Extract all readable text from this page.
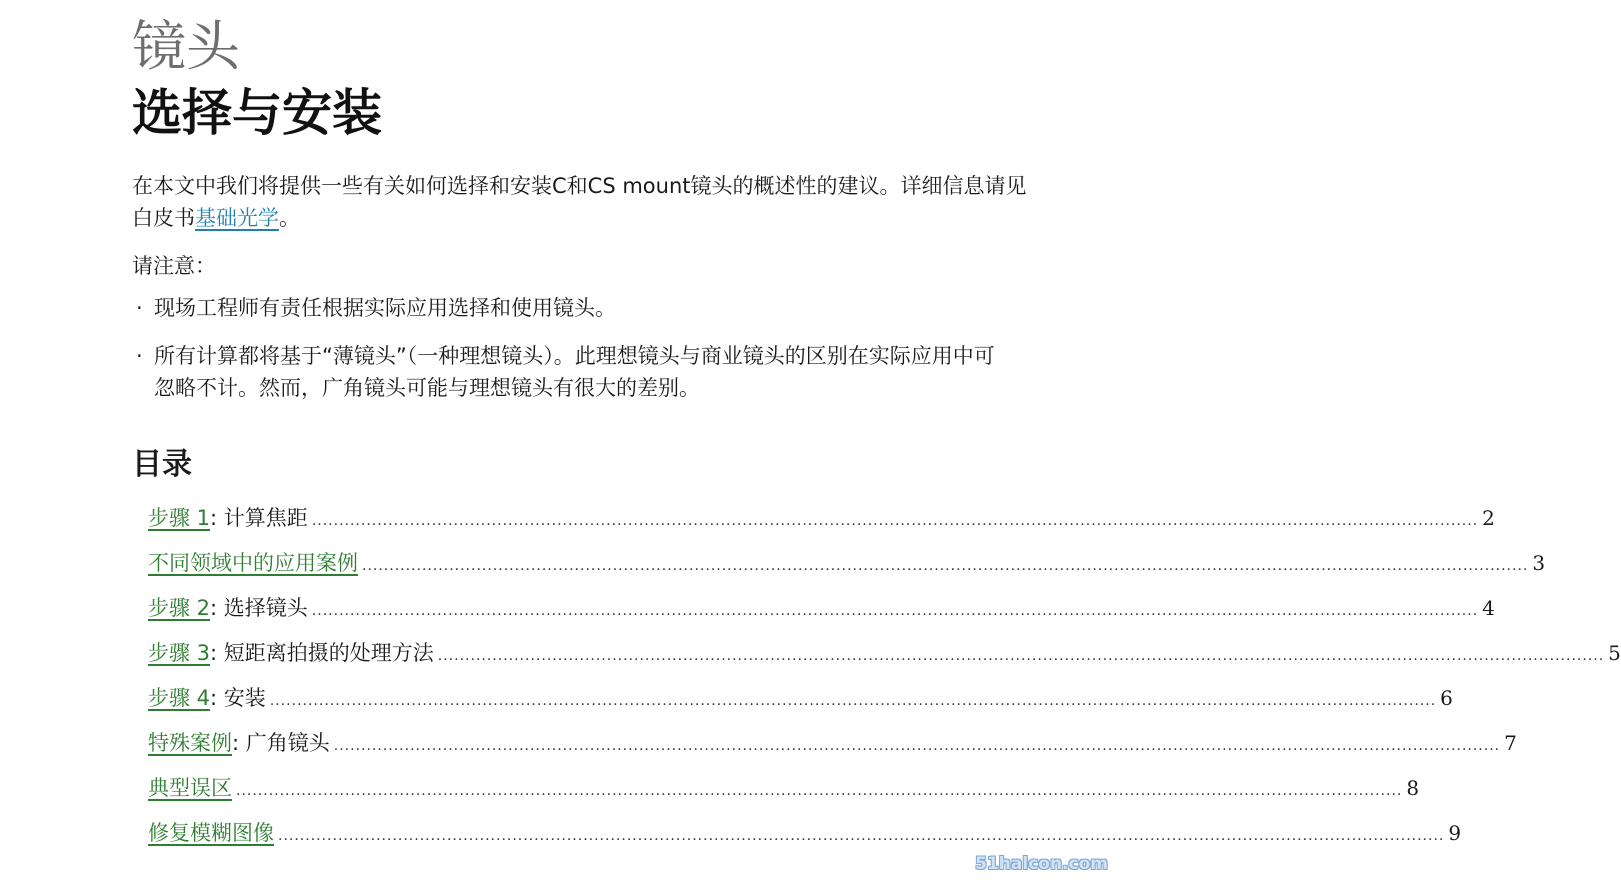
镜头
选择与安装

在本文中我们将提供一些有关如何选择和安装C和CS mount镜头的概述性的建议。详细信息请见白皮书基础光学。

请注意：
· 现场工程师有责任根据实际应用选择和使用镜头。
· 所有计算都将基于“薄镜头”（一种理想镜头）。此理想镜头与商业镜头的区别在实际应用中可忽略不计。然而，广角镜头可能与理想镜头有很大的差别。
目录
步骤 1 : 计算焦距 ...................................................................................................................................................................................................................... 2
不同领域中的应用案例 ...................................................................................................................................................................................................................... 3
步骤 2 : 选择镜头 ...................................................................................................................................................................................................................... 4
步骤 3 : 短距离拍摄的处理方法 ...................................................................................................................................................................................................................... 5
步骤 4 : 安装 ...................................................................................................................................................................................................................... 6
特殊案例 : 广角镜头 ...................................................................................................................................................................................................................... 7
典型误区 ...................................................................................................................................................................................................................... 8
修复模糊图像 ...................................................................................................................................................................................................................... 9
51halcon.com
